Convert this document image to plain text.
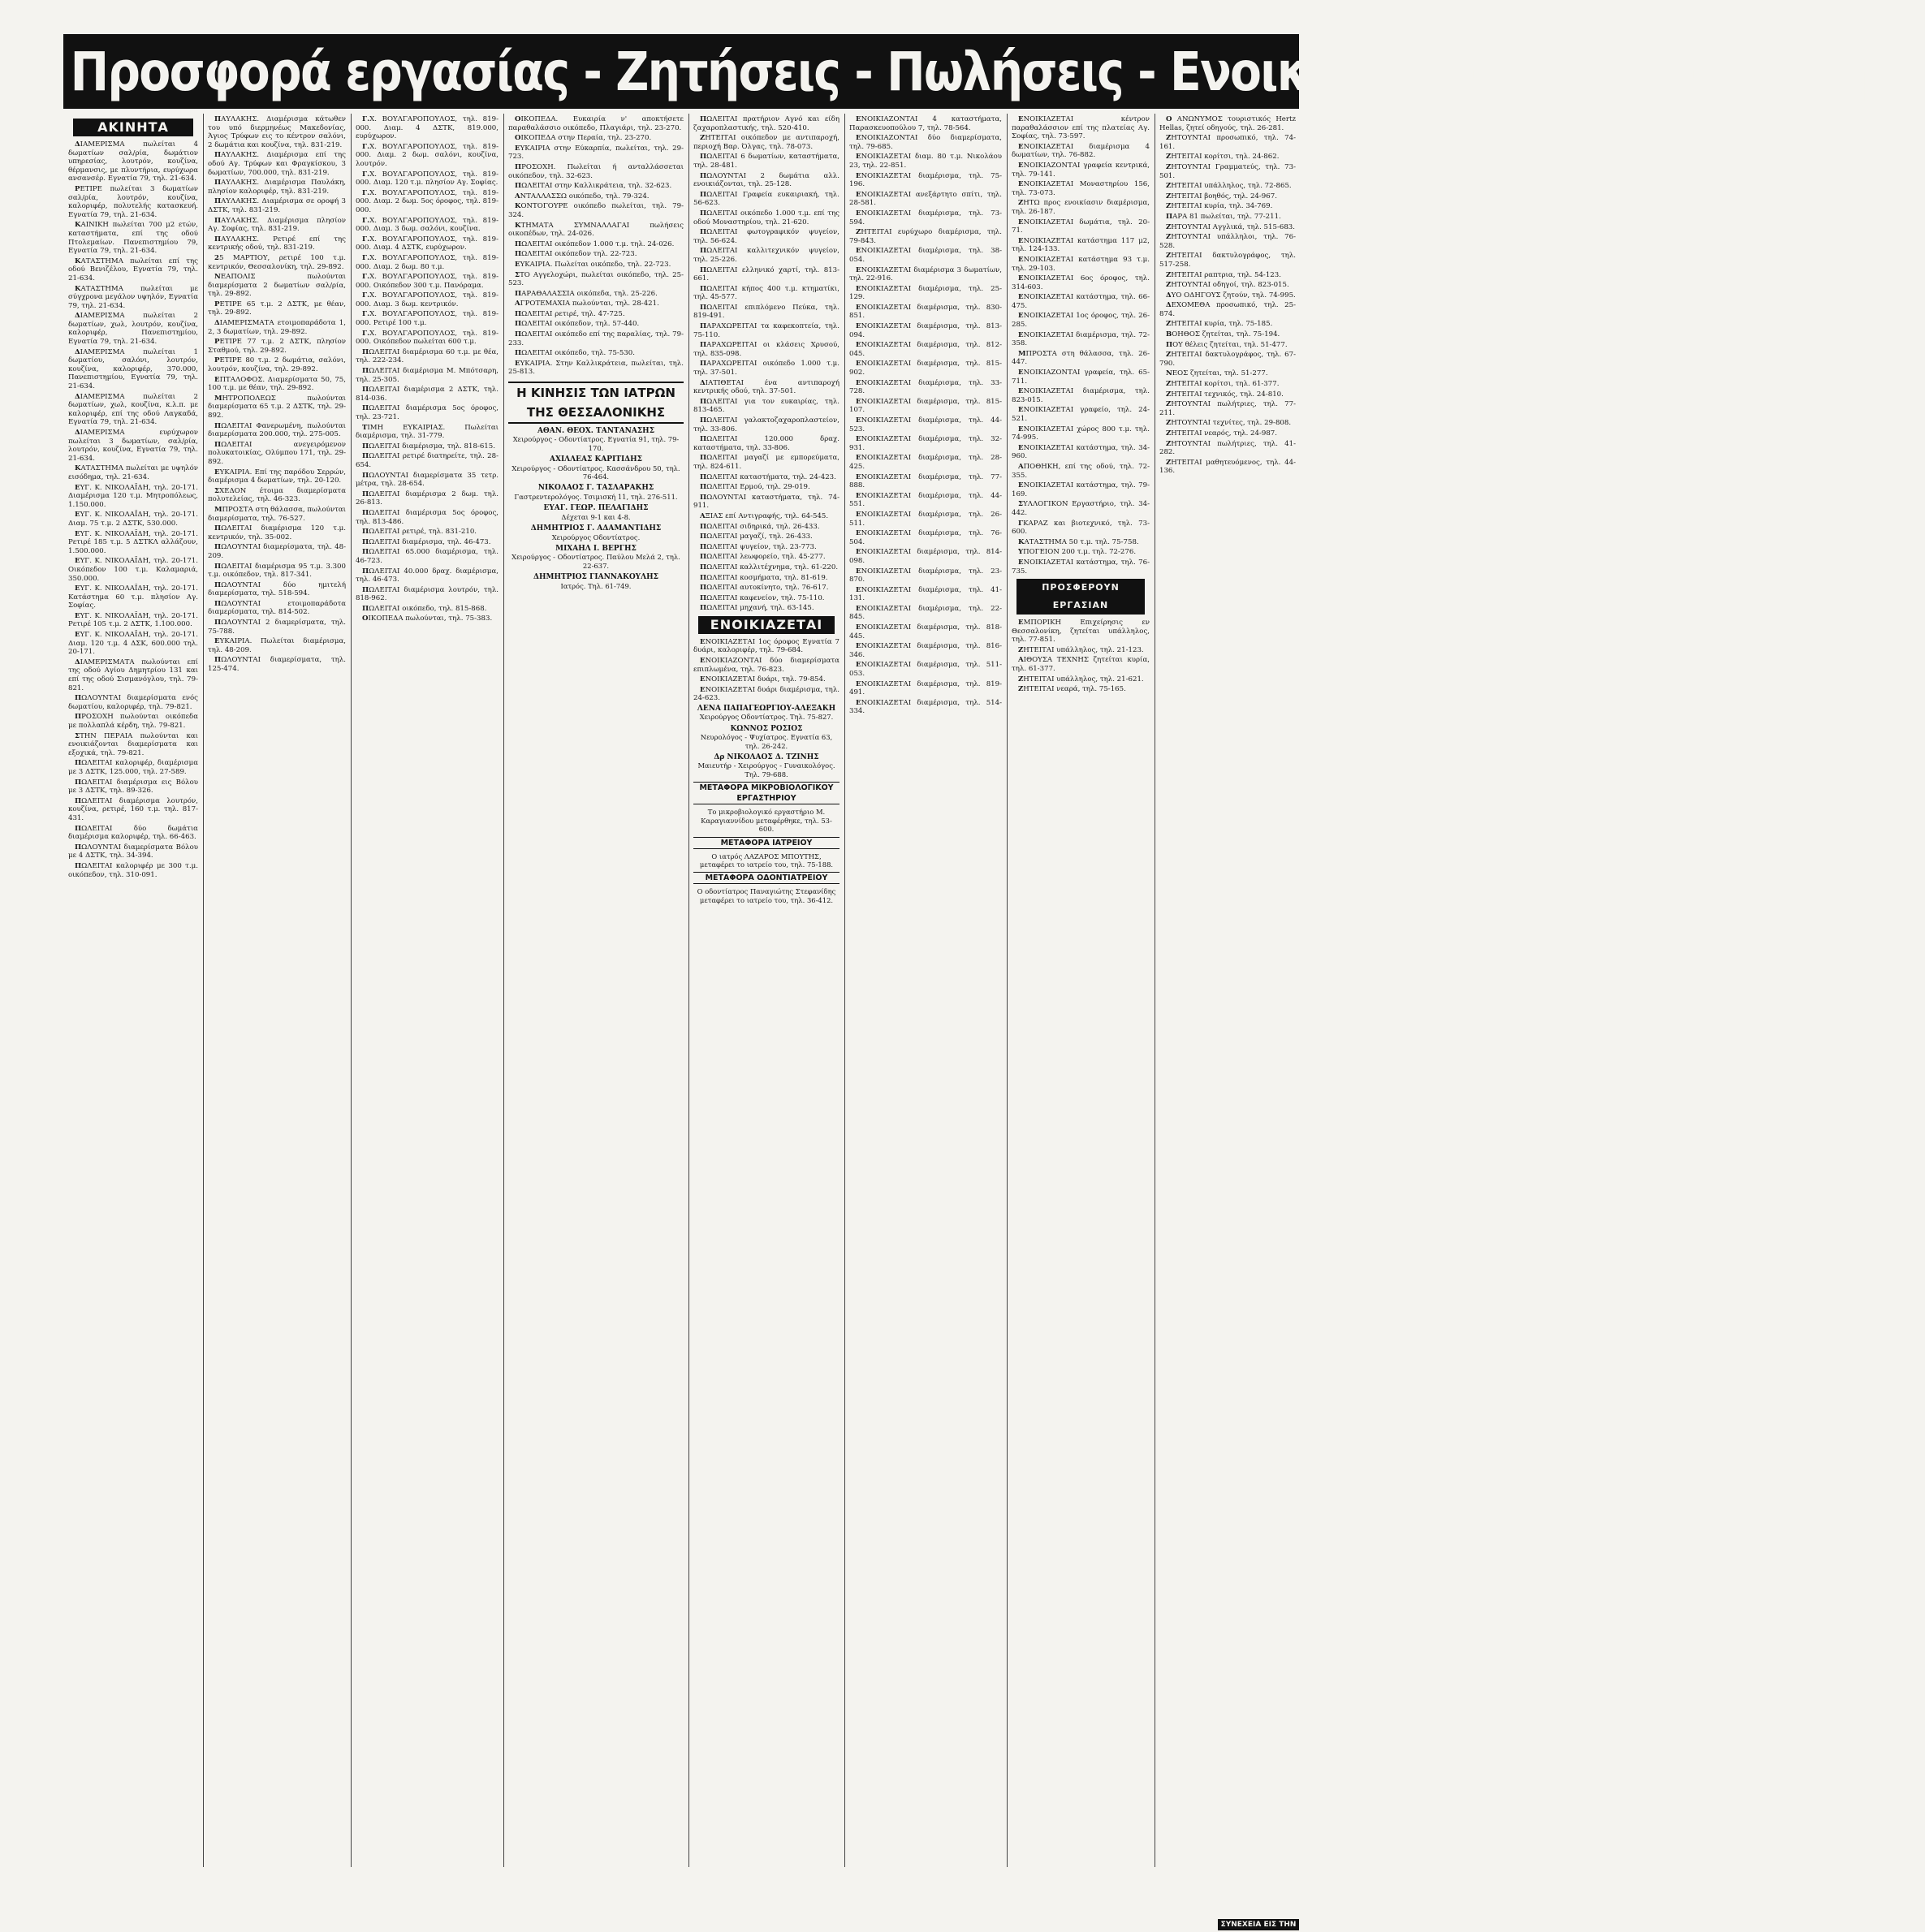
Προσφορά εργασίας - Ζητήσεις - Πωλήσεις - Ενοικιάσεις - Αγοραί - Ακίνητα
ΑΚΙΝΗΤΑ

ΔΙΑΜΕΡΙΣΜΑ πωλείται 4 δωματίων σαλ/ρία, δωμάτιον υπηρεσίας, λουτρόν, κουζίνα, θέρμανσις, με πλυντήρια, ευρύχωρα ανσανσέρ. Εγνατία 79, τηλ. 21-634.

ΡΕΤΙΡΕ πωλείται 3 δωματίων σαλ/ρία, λουτρόν, κουζίνα, καλοριφέρ, πολυτελής κατασκευή. Εγνατία 79, τηλ. 21-634.

ΚΑΙΝΙΚΗ πωλείται 700 μ2 ετών, καταστήματα, επί της οδού Πτολεμαίων. Πανεπιστημίου 79, Εγνατία 79, τηλ. 21-634.

ΚΑΤΑΣΤΗΜΑ πωλείται επί της οδού Βενιζέλου, Εγνατία 79, τηλ. 21-634.

ΚΑΤΑΣΤΗΜΑ πωλείται με σύγχρονα μεγάλον υψηλόν, Εγνατία 79, τηλ. 21-634.

ΔΙΑΜΕΡΙΣΜΑ πωλείται 2 δωματίων, χωλ, λουτρόν, κουζίνα, καλοριφέρ, Πανεπιστημίου, Εγνατία 79, τηλ. 21-634.

ΔΙΑΜΕΡΙΣΜΑ πωλείται 1 δωματίου, σαλόνι, λουτρόν, κουζίνα, καλοριφέρ, 370.000, Πανεπιστημίου, Εγνατία 79, τηλ. 21-634.

ΔΙΑΜΕΡΙΣΜΑ πωλείται 2 δωματίων, χωλ, κουζίνα, κ.λ.π. με καλοριφέρ, επί της οδού Λαγκαδά, Εγνατία 79, τηλ. 21-634.

ΔΙΑΜΕΡΙΣΜΑ ευρύχωρον πωλείται 3 δωματίων, σαλ/ρία, λουτρόν, κουζίνα, Εγνατία 79, τηλ. 21-634.

ΚΑΤΑΣΤΗΜΑ πωλείται με υψηλόν εισόδημα, τηλ. 21-634.

ΕΥΓ. Κ. ΝΙΚΟΛΑΪΔΗ, τηλ. 20-171. Διαμέρισμα 120 τ.μ. Μητροπόλεως, 1.150.000.

ΕΥΓ. Κ. ΝΙΚΟΛΑΪΔΗ, τηλ. 20-171. Διαμ. 75 τ.μ. 2 ΔΣΤΚ, 530.000.

ΕΥΓ. Κ. ΝΙΚΟΛΑΪΔΗ, τηλ. 20-171. Ρετιρέ 185 τ.μ. 5 ΔΣΤΚΛ αλλάζουν, 1.500.000.

ΕΥΓ. Κ. ΝΙΚΟΛΑΪΔΗ, τηλ. 20-171. Οικόπεδον 100 τ.μ. Καλαμαριά, 350.000.

ΕΥΓ. Κ. ΝΙΚΟΛΑΪΔΗ, τηλ. 20-171. Κατάστημα 60 τ.μ. πλησίον Αγ. Σοφίας.

ΕΥΓ. Κ. ΝΙΚΟΛΑΪΔΗ, τηλ. 20-171. Ρετιρέ 105 τ.μ. 2 ΔΣΤΚ, 1.100.000.

ΕΥΓ. Κ. ΝΙΚΟΛΑΪΔΗ, τηλ. 20-171. Διαμ. 120 τ.μ. 4 ΔΣΚ, 600.000 τηλ. 20-171.

ΔΙΑΜΕΡΙΣΜΑΤΑ πωλούνται επί της οδού Αγίου Δημητρίου 131 και επί της οδού Σισμανόγλου, τηλ. 79-821.

ΠΩΛΟΥΝΤΑΙ διαμερίσματα ενός δωματίου, καλοριφέρ, τηλ. 79-821.

ΠΡΟΣΟΧΗ πωλούνται οικόπεδα με πολλαπλά κέρδη, τηλ. 79-821.

ΣΤΗΝ ΠΕΡΑΙΑ πωλούνται και ενοικιάζονται διαμερίσματα και εξοχικά, τηλ. 79-821.

ΠΩΛΕΙΤΑΙ καλοριφέρ, διαμέρισμα με 3 ΔΣΤΚ, 125.000, τηλ. 27-589.

ΠΩΛΕΙΤΑΙ διαμέρισμα εις Βόλου με 3 ΔΣΤΚ, τηλ. 89-326.

ΠΩΛΕΙΤΑΙ διαμέρισμα λουτρόν, κουζίνα, ρετιρέ, 160 τ.μ. τηλ. 817-431.

ΠΩΛΕΙΤΑΙ δύο δωμάτια διαμέρισμα καλοριφέρ, τηλ. 66-463.

ΠΩΛΟΥΝΤΑΙ διαμερίσματα Βόλου με 4 ΔΣΤΚ, τηλ. 34-394.

ΠΩΛΕΙΤΑΙ καλοριφέρ με 300 τ.μ. οικόπεδον, τηλ. 310-091.

ΠΑΥΛΑΚΗΣ. Διαμέρισμα κάτωθεν του υπό διερμηνέως Μακεδονίας, Άγιος Τρύφων εις το κέντρον σαλόνι, 2 δωμάτια και κουζίνα, τηλ. 831-219.

ΠΑΥΛΑΚΗΣ. Διαμέρισμα επί της οδού Αγ. Τρύφων και Φραγκίσκου, 3 δωματίων, 700.000, τηλ. 831-219.

ΠΑΥΛΑΚΗΣ. Διαμέρισμα Παυλάκη, πλησίον καλοριφέρ, τηλ. 831-219.

ΠΑΥΛΑΚΗΣ. Διαμέρισμα σε οροφή 3 ΔΣΤΚ, τηλ. 831-219.

ΠΑΥΛΑΚΗΣ. Διαμέρισμα πλησίον Αγ. Σοφίας, τηλ. 831-219.

ΠΑΥΛΑΚΗΣ. Ρετιρέ επί της κεντρικής οδού, τηλ. 831-219.

25 ΜΑΡΤΙΟΥ, ρετιρέ 100 τ.μ. κεντρικόν, Θεσσαλονίκη, τηλ. 29-892.

ΝΕΑΠΟΛΙΣ πωλούνται διαμερίσματα 2 δωματίων σαλ/ρία, τηλ. 29-892.

ΡΕΤΙΡΕ 65 τ.μ. 2 ΔΣΤΚ, με θέαν, τηλ. 29-892.

ΔΙΑΜΕΡΙΣΜΑΤΑ ετοιμοπαράδοτα 1, 2, 3 δωματίων, τηλ. 29-892.

ΡΕΤΙΡΕ 77 τ.μ. 2 ΔΣΤΚ, πλησίον Σταθμού, τηλ. 29-892.

ΡΕΤΙΡΕ 80 τ.μ. 2 δωμάτια, σαλόνι, λουτρόν, κουζίνα, τηλ. 29-892.

ΕΠΤΑΛΟΦΟΣ. Διαμερίσματα 50, 75, 100 τ.μ. με θέαν, τηλ. 29-892.

ΜΗΤΡΟΠΟΛΕΩΣ πωλούνται διαμερίσματα 65 τ.μ. 2 ΔΣΤΚ, τηλ. 29-892.

ΠΩΛΕΙΤΑΙ Φανερωμένη, πωλούνται διαμερίσματα 200.000, τηλ. 275-005.

ΠΩΛΕΙΤΑΙ ανεγειρόμενον πολυκατοικίας, Ολύμπου 171, τηλ. 29-892.

ΕΥΚΑΙΡΙΑ. Επί της παρόδου Σερρών, διαμέρισμα 4 δωματίων, τηλ. 20-120.

ΣΧΕΔΟΝ έτοιμα διαμερίσματα πολυτελείας, τηλ. 46-323.

ΜΠΡΟΣΤΑ στη θάλασσα, πωλούνται διαμερίσματα, τηλ. 76-527.

ΠΩΛΕΙΤΑΙ διαμέρισμα 120 τ.μ. κεντρικόν, τηλ. 35-002.

ΠΩΛΟΥΝΤΑΙ διαμερίσματα, τηλ. 48-209.

ΠΩΛΕΙΤΑΙ διαμέρισμα 95 τ.μ. 3.300 τ.μ. οικόπεδον, τηλ. 817-341.

ΠΩΛΟΥΝΤΑΙ δύο ημιτελή διαμερίσματα, τηλ. 518-594.

ΠΩΛΟΥΝΤΑΙ ετοιμοπαράδοτα διαμερίσματα, τηλ. 814-502.

ΠΩΛΟΥΝΤΑΙ 2 διαμερίσματα, τηλ. 75-788.

ΕΥΚΑΙΡΙΑ. Πωλείται διαμέρισμα, τηλ. 48-209.

ΠΩΛΟΥΝΤΑΙ διαμερίσματα, τηλ. 125-474.

Γ.Χ. ΒΟΥΛΓΑΡΟΠΟΥΛΟΣ, τηλ. 819-000. Διαμ. 4 ΔΣΤΚ, 819.000, ευρύχωρον.

Γ.Χ. ΒΟΥΛΓΑΡΟΠΟΥΛΟΣ, τηλ. 819-000. Διαμ. 2 δωμ. σαλόνι, κουζίνα, λουτρόν.

Γ.Χ. ΒΟΥΛΓΑΡΟΠΟΥΛΟΣ, τηλ. 819-000. Διαμ. 120 τ.μ. πλησίον Αγ. Σοφίας.

Γ.Χ. ΒΟΥΛΓΑΡΟΠΟΥΛΟΣ, τηλ. 819-000. Διαμ. 2 δωμ. 5ος όροφος, τηλ. 819-000.

Γ.Χ. ΒΟΥΛΓΑΡΟΠΟΥΛΟΣ, τηλ. 819-000. Διαμ. 3 δωμ. σαλόνι, κουζίνα.

Γ.Χ. ΒΟΥΛΓΑΡΟΠΟΥΛΟΣ, τηλ. 819-000. Διαμ. 4 ΔΣΤΚ, ευρύχωρον.

Γ.Χ. ΒΟΥΛΓΑΡΟΠΟΥΛΟΣ, τηλ. 819-000. Διαμ. 2 δωμ. 80 τ.μ.

Γ.Χ. ΒΟΥΛΓΑΡΟΠΟΥΛΟΣ, τηλ. 819-000. Οικόπεδον 300 τ.μ. Πανόραμα.

Γ.Χ. ΒΟΥΛΓΑΡΟΠΟΥΛΟΣ, τηλ. 819-000. Διαμ. 3 δωμ. κεντρικόν.

Γ.Χ. ΒΟΥΛΓΑΡΟΠΟΥΛΟΣ, τηλ. 819-000. Ρετιρέ 100 τ.μ.

Γ.Χ. ΒΟΥΛΓΑΡΟΠΟΥΛΟΣ, τηλ. 819-000. Οικόπεδον πωλείται 600 τ.μ.

ΠΩΛΕΙΤΑΙ διαμέρισμα 60 τ.μ. με θέα, τηλ. 222-234.

ΠΩΛΕΙΤΑΙ διαμέρισμα Μ. Μπότσαρη, τηλ. 25-305.

ΠΩΛΕΙΤΑΙ διαμέρισμα 2 ΔΣΤΚ, τηλ. 814-036.

ΠΩΛΕΙΤΑΙ διαμέρισμα 5ος όροφος, τηλ. 23-721.

ΤΙΜΗ ΕΥΚΑΙΡΙΑΣ. Πωλείται διαμέρισμα, τηλ. 31-779.

ΠΩΛΕΙΤΑΙ διαμέρισμα, τηλ. 818-615.

ΠΩΛΕΙΤΑΙ ρετιρέ διατηρείτε, τηλ. 28-654.

ΠΩΛΟΥΝΤΑΙ διαμερίσματα 35 τετρ. μέτρα, τηλ. 28-654.

ΠΩΛΕΙΤΑΙ διαμέρισμα 2 δωμ. τηλ. 26-813.

ΠΩΛΕΙΤΑΙ διαμέρισμα 5ος όροφος, τηλ. 813-486.

ΠΩΛΕΙΤΑΙ ρετιρέ, τηλ. 831-210.

ΠΩΛΕΙΤΑΙ διαμέρισμα, τηλ. 46-473.

ΠΩΛΕΙΤΑΙ 65.000 διαμέρισμα, τηλ. 46-723.

ΠΩΛΕΙΤΑΙ 40.000 δραχ. διαμέρισμα, τηλ. 46-473.

ΠΩΛΕΙΤΑΙ διαμέρισμα λουτρόν, τηλ. 818-962.

ΠΩΛΕΙΤΑΙ οικόπεδο, τηλ. 815-868.

ΟΙΚΟΠΕΔΑ πωλούνται, τηλ. 75-383.

ΟΙΚΟΠΕΔΑ. Ευκαιρία ν' αποκτήσετε παραθαλάσσιο οικόπεδο, Πλαγιάρι, τηλ. 23-270.

ΟΙΚΟΠΕΔΑ στην Περαία, τηλ. 23-270.

ΕΥΚΑΙΡΙΑ στην Εύκαρπία, πωλείται, τηλ. 29-723.

ΠΡΟΣΟΧΗ. Πωλείται ή ανταλλάσσεται οικόπεδον, τηλ. 32-623.

ΠΩΛΕΙΤΑΙ στην Καλλικράτεια, τηλ. 32-623.

ΑΝΤΑΛΛΑΣΣΩ οικόπεδο, τηλ. 79-324.

ΚΟΝΤΟΓΟΥΡΕ οικόπεδο πωλείται, τηλ. 79-324.

ΚΤΗΜΑΤΑ ΣΥΜΝΑΛΛΑΓΑΙ πωλήσεις οικοπέδων, τηλ. 24-026.

ΠΩΛΕΙΤΑΙ οικόπεδον 1.000 τ.μ. τηλ. 24-026.

ΠΩΛΕΙΤΑΙ οικόπεδον τηλ. 22-723.

ΕΥΚΑΙΡΙΑ. Πωλείται οικόπεδο, τηλ. 22-723.

ΣΤΟ Αγγελοχώρι, πωλείται οικόπεδο, τηλ. 25-523.

ΠΑΡΑΘΑΛΑΣΣΙΑ οικόπεδα, τηλ. 25-226.

ΑΓΡΟΤΕΜΑΧΙΑ πωλούνται, τηλ. 28-421.

ΠΩΛΕΙΤΑΙ ρετιρέ, τηλ. 47-725.

ΠΩΛΕΙΤΑΙ οικόπεδον, τηλ. 57-440.

ΠΩΛΕΙΤΑΙ οικόπεδο επί της παραλίας, τηλ. 79-233.

ΠΩΛΕΙΤΑΙ οικόπεδο, τηλ. 75-530.

ΕΥΚΑΙΡΙΑ. Στην Καλλικράτεια, πωλείται, τηλ. 25-813.

Η ΚΙΝΗΣΙΣ ΤΩΝ ΙΑΤΡΩΝ ΤΗΣ ΘΕΣΣΑΛΟΝΙΚΗΣ
ΑΘΑΝ. ΘΕΟΧ. ΤΑΝΤΑΝΑΣΗΣ
Χειρούργος - Οδοντίατρος. Εγνατία 91, τηλ. 79-170.
ΑΧΙΛΛΕΑΣ ΚΑΡΙΤΙΔΗΣ
Χειρούργος - Οδοντίατρος. Κασσάνδρου 50, τηλ. 76-464.
ΝΙΚΟΛΑΟΣ Γ. ΤΑΣΛΑΡΑΚΗΣ
Γαστρεντερολόγος. Τσιμισκή 11, τηλ. 276-511.
ΕΥΑΓ. ΓΕΩΡ. ΠΕΛΑΓΙΔΗΣ
Δέχεται 9-1 και 4-8.
ΔΗΜΗΤΡΙΟΣ Γ. ΑΔΑΜΑΝΤΙΔΗΣ
Χειρούργος Οδοντίατρος.
ΜΙΧΑΗΛ Ι. ΒΕΡΓΗΣ
Χειρούργος - Οδοντίατρος. Παύλου Μελά 2, τηλ. 22-637.
ΔΗΜΗΤΡΙΟΣ ΓΙΑΝΝΑΚΟΥΛΗΣ
Ιατρός. Τηλ. 61-749.

ΠΩΛΕΙΤΑΙ πρατήριον Αγνό και είδη ζαχαροπλαστικής, τηλ. 520-410.

ΖΗΤΕΙΤΑΙ οικόπεδον με αντιπαροχή, περιοχή Βαρ. Όλγας, τηλ. 78-073.

ΠΩΛΕΙΤΑΙ 6 δωματίων, καταστήματα, τηλ. 28-481.

ΠΩΛΟΥΝΤΑΙ 2 δωμάτια αλλ. ενοικιάζονται, τηλ. 25-128.

ΠΩΛΕΙΤΑΙ Γραφεία ευκαιριακή, τηλ. 56-623.

ΠΩΛΕΙΤΑΙ οικόπεδο 1.000 τ.μ. επί της οδού Μοναστηρίου, τηλ. 21-620.

ΠΩΛΕΙΤΑΙ φωτογραφικόν ψυγείον, τηλ. 56-624.

ΠΩΛΕΙΤΑΙ καλλιτεχνικόν ψυγείον, τηλ. 25-226.

ΠΩΛΕΙΤΑΙ ελληνικό χαρτί, τηλ. 813-661.

ΠΩΛΕΙΤΑΙ κήπος 400 τ.μ. κτηματίκι, τηλ. 45-577.

ΠΩΛΕΙΤΑΙ επιπλόμενο Πεύκα, τηλ. 819-491.

ΠΑΡΑΧΩΡΕΙΤΑΙ τα καφεκοπτεία, τηλ. 75-110.

ΠΑΡΑΧΩΡΕΙΤΑΙ οι κλάσεις Χρυσού, τηλ. 835-098.

ΠΑΡΑΧΩΡΕΙΤΑΙ οικόπεδο 1.000 τ.μ. τηλ. 37-501.

ΔΙΑΤΙΘΕΤΑΙ ένα αντιπαροχή κεντρικής οδού, τηλ. 37-501.

ΠΩΛΕΙΤΑΙ για τον ευκαιρίας, τηλ. 813-465.

ΠΩΛΕΙΤΑΙ γαλακτοζαχαροπλαστείον, τηλ. 33-806.

ΠΩΛΕΙΤΑΙ 120.000 δραχ. καταστήματα, τηλ. 33-806.

ΠΩΛΕΙΤΑΙ μαγαζί με εμπορεύματα, τηλ. 824-611.

ΠΩΛΕΙΤΑΙ καταστήματα, τηλ. 24-423.

ΠΩΛΕΙΤΑΙ Ερμού, τηλ. 29-019.

ΠΩΛΟΥΝΤΑΙ καταστήματα, τηλ. 74-911.

ΑΞΙΑΣ επί Αντιγραφής, τηλ. 64-545.

ΠΩΛΕΙΤΑΙ σιδηρικά, τηλ. 26-433.

ΠΩΛΕΙΤΑΙ μαγαζί, τηλ. 26-433.

ΠΩΛΕΙΤΑΙ ψυγείον, τηλ. 23-773.

ΠΩΛΕΙΤΑΙ λεωφορείο, τηλ. 45-277.

ΠΩΛΕΙΤΑΙ καλλιτέχνημα, τηλ. 61-220.

ΠΩΛΕΙΤΑΙ κοσμήματα, τηλ. 81-619.

ΠΩΛΕΙΤΑΙ αυτοκίνητο, τηλ. 76-617.

ΠΩΛΕΙΤΑΙ καφενείον, τηλ. 75-110.

ΠΩΛΕΙΤΑΙ μηχανή, τηλ. 63-145.

ΕΝΟΙΚΙΑΖΕΤΑΙ

ΕΝΟΙΚΙΑΖΕΤΑΙ 1ος όροφος Εγνατία 7 δυάρι, καλοριφέρ, τηλ. 79-684.

ΕΝΟΙΚΙΑΖΟΝΤΑΙ δύο διαμερίσματα επιπλωμένα, τηλ. 76-823.

ΕΝΟΙΚΙΑΖΕΤΑΙ δυάρι, τηλ. 79-854.

ΕΝΟΙΚΙΑΖΕΤΑΙ δυάρι διαμέρισμα, τηλ. 24-623.

ΛΕΝΑ ΠΑΠΑΓΕΩΡΓΙΟΥ-ΑΛΕΞΑΚΗ
Χειρούργος Οδοντίατρος. Τηλ. 75-827.
ΚΩΝΝΟΣ ΡΟΣΙΟΣ
Νευρολόγος - Ψυχίατρος. Εγνατία 63, τηλ. 26-242.
Δρ ΝΙΚΟΛΑΟΣ Δ. ΤΖΙΝΗΣ
Μαιευτήρ - Χειρούργος - Γυναικολόγος. Τηλ. 79-688.
ΜΕΤΑΦΟΡΑ ΜΙΚΡΟΒΙΟΛΟΓΙΚΟΥ ΕΡΓΑΣΤΗΡΙΟΥ
Το μικροβιολογικό εργαστήριο Μ. Καραγιαννίδου μεταφέρθηκε, τηλ. 53-600.
ΜΕΤΑΦΟΡΑ ΙΑΤΡΕΙΟΥ
Ο ιατρός ΛΑΖΑΡΟΣ ΜΠΟΥΤΗΣ, μεταφέρει το ιατρείο του, τηλ. 75-188.
ΜΕΤΑΦΟΡΑ ΟΔΟΝΤΙΑΤΡΕΙΟΥ
Ο οδοντίατρος Παναγιώτης Στεφανίδης μεταφέρει το ιατρείο του, τηλ. 36-412.

ΕΝΟΙΚΙΑΖΟΝΤΑΙ 4 καταστήματα, Παρασκευοπούλου 7, τηλ. 78-564.

ΕΝΟΙΚΙΑΖΟΝΤΑΙ δύο διαμερίσματα, τηλ. 79-685.

ΕΝΟΙΚΙΑΖΕΤΑΙ διαμ. 80 τ.μ. Νικολάου 23, τηλ. 22-851.

ΕΝΟΙΚΙΑΖΕΤΑΙ διαμέρισμα, τηλ. 75-196.

ΕΝΟΙΚΙΑΖΕΤΑΙ ανεξάρτητο σπίτι, τηλ. 28-581.

ΕΝΟΙΚΙΑΖΕΤΑΙ διαμέρισμα, τηλ. 73-594.

ΖΗΤΕΙΤΑΙ ευρύχωρο διαμέρισμα, τηλ. 79-843.

ΕΝΟΙΚΙΑΖΕΤΑΙ διαμέρισμα, τηλ. 38-054.

ΕΝΟΙΚΙΑΖΕΤΑΙ διαμέρισμα 3 δωματίων, τηλ. 22-916.

ΕΝΟΙΚΙΑΖΕΤΑΙ διαμέρισμα, τηλ. 25-129.

ΕΝΟΙΚΙΑΖΕΤΑΙ διαμέρισμα, τηλ. 830-851.

ΕΝΟΙΚΙΑΖΕΤΑΙ διαμέρισμα, τηλ. 813-094.

ΕΝΟΙΚΙΑΖΕΤΑΙ διαμέρισμα, τηλ. 812-045.

ΕΝΟΙΚΙΑΖΕΤΑΙ διαμέρισμα, τηλ. 815-902.

ΕΝΟΙΚΙΑΖΕΤΑΙ διαμέρισμα, τηλ. 33-728.

ΕΝΟΙΚΙΑΖΕΤΑΙ διαμέρισμα, τηλ. 815-107.

ΕΝΟΙΚΙΑΖΕΤΑΙ διαμέρισμα, τηλ. 44-523.

ΕΝΟΙΚΙΑΖΕΤΑΙ διαμέρισμα, τηλ. 32-931.

ΕΝΟΙΚΙΑΖΕΤΑΙ διαμέρισμα, τηλ. 28-425.

ΕΝΟΙΚΙΑΖΕΤΑΙ διαμέρισμα, τηλ. 77-888.

ΕΝΟΙΚΙΑΖΕΤΑΙ διαμέρισμα, τηλ. 44-551.

ΕΝΟΙΚΙΑΖΕΤΑΙ διαμέρισμα, τηλ. 26-511.

ΕΝΟΙΚΙΑΖΕΤΑΙ διαμέρισμα, τηλ. 76-504.

ΕΝΟΙΚΙΑΖΕΤΑΙ διαμέρισμα, τηλ. 814-098.

ΕΝΟΙΚΙΑΖΕΤΑΙ διαμέρισμα, τηλ. 23-870.

ΕΝΟΙΚΙΑΖΕΤΑΙ διαμέρισμα, τηλ. 41-131.

ΕΝΟΙΚΙΑΖΕΤΑΙ διαμέρισμα, τηλ. 22-845.

ΕΝΟΙΚΙΑΖΕΤΑΙ διαμέρισμα, τηλ. 818-445.

ΕΝΟΙΚΙΑΖΕΤΑΙ διαμέρισμα, τηλ. 816-346.

ΕΝΟΙΚΙΑΖΕΤΑΙ διαμέρισμα, τηλ. 511-053.

ΕΝΟΙΚΙΑΖΕΤΑΙ διαμέρισμα, τηλ. 819-491.

ΕΝΟΙΚΙΑΖΕΤΑΙ διαμέρισμα, τηλ. 514-334.

ΕΝΟΙΚΙΑΖΕΤΑΙ κέντρον παραθαλάσσιον επί της πλατείας Αγ. Σοφίας, τηλ. 73-597.

ΕΝΟΙΚΙΑΖΕΤΑΙ διαμέρισμα 4 δωματίων, τηλ. 76-882.

ΕΝΟΙΚΙΑΖΟΝΤΑΙ γραφεία κεντρικά, τηλ. 79-141.

ΕΝΟΙΚΙΑΖΕΤΑΙ Μοναστηρίου 156, τηλ. 73-073.

ΖΗΤΩ προς ενοικίασιν διαμέρισμα, τηλ. 26-187.

ΕΝΟΙΚΙΑΖΕΤΑΙ δωμάτια, τηλ. 20-71.

ΕΝΟΙΚΙΑΖΕΤΑΙ κατάστημα 117 μ2, τηλ. 124-133.

ΕΝΟΙΚΙΑΖΕΤΑΙ κατάστημα 93 τ.μ. τηλ. 29-103.

ΕΝΟΙΚΙΑΖΕΤΑΙ 6ος όροφος, τηλ. 314-603.

ΕΝΟΙΚΙΑΖΕΤΑΙ κατάστημα, τηλ. 66-475.

ΕΝΟΙΚΙΑΖΕΤΑΙ 1ος όροφος, τηλ. 26-285.

ΕΝΟΙΚΙΑΖΕΤΑΙ διαμέρισμα, τηλ. 72-358.

ΜΠΡΟΣΤΑ στη θάλασσα, τηλ. 26-447.

ΕΝΟΙΚΙΑΖΟΝΤΑΙ γραφεία, τηλ. 65-711.

ΕΝΟΙΚΙΑΖΕΤΑΙ διαμέρισμα, τηλ. 823-015.

ΕΝΟΙΚΙΑΖΕΤΑΙ γραφείο, τηλ. 24-521.

ΕΝΟΙΚΙΑΖΕΤΑΙ χώρος 800 τ.μ. τηλ. 74-995.

ΕΝΟΙΚΙΑΖΕΤΑΙ κατάστημα, τηλ. 34-960.

ΑΠΟΘΗΚΗ, επί της οδού, τηλ. 72-355.

ΕΝΟΙΚΙΑΖΕΤΑΙ κατάστημα, τηλ. 79-169.

ΣΥΛΛΟΓΙΚΟΝ Εργαστήριο, τηλ. 34-442.

ΓΚΑΡΑΖ και βιοτεχνικό, τηλ. 73-600.

ΚΑΤΑΣΤΗΜΑ 50 τ.μ. τηλ. 75-758.

ΥΠΟΓΕΙΟΝ 200 τ.μ. τηλ. 72-276.

ΕΝΟΙΚΙΑΖΕΤΑΙ κατάστημα, τηλ. 76-735.

ΠΡΟΣΦΕΡΟΥΝ ΕΡΓΑΣΙΑΝ

ΕΜΠΟΡΙΚΗ Επιχείρησις εν Θεσσαλονίκη, ζητείται υπάλληλος, τηλ. 77-851.

ΖΗΤΕΙΤΑΙ υπάλληλος, τηλ. 21-123.

ΑΙΘΟΥΣΑ ΤΕΧΝΗΣ ζητείται κυρία, τηλ. 61-377.

ΖΗΤΕΙΤΑΙ υπάλληλος, τηλ. 21-621.

ΖΗΤΕΙΤΑΙ νεαρά, τηλ. 75-165.

Ο ΑΝΩΝΥΜΟΣ τουριστικός Hertz Hellas, ζητεί οδηγούς, τηλ. 26-281.

ΖΗΤΟΥΝΤΑΙ προσωπικό, τηλ. 74-161.

ΖΗΤΕΙΤΑΙ κορίτσι, τηλ. 24-862.

ΖΗΤΟΥΝΤΑΙ Γραμματεύς, τηλ. 73-501.

ΖΗΤΕΙΤΑΙ υπάλληλος, τηλ. 72-865.

ΖΗΤΕΙΤΑΙ βοηθός, τηλ. 24-967.

ΖΗΤΕΙΤΑΙ κυρία, τηλ. 34-769.

ΠΑΡΑ 81 πωλείται, τηλ. 77-211.

ΖΗΤΟΥΝΤΑΙ Αγγλικά, τηλ. 515-683.

ΖΗΤΟΥΝΤΑΙ υπάλληλοι, τηλ. 76-528.

ΖΗΤΕΙΤΑΙ δακτυλογράφος, τηλ. 517-258.

ΖΗΤΕΙΤΑΙ ραπτρια, τηλ. 54-123.

ΖΗΤΟΥΝΤΑΙ οδηγοί, τηλ. 823-015.

ΔΥΟ ΟΔΗΓΟΥΣ ζητούν, τηλ. 74-995.

ΔΕΧΟΜΕΘΑ προσωπικό, τηλ. 25-874.

ΖΗΤΕΙΤΑΙ κυρία, τηλ. 75-185.

ΒΟΗΘΟΣ ζητείται, τηλ. 75-194.

ΠΟΥ θέλεις ζητείται, τηλ. 51-477.

ΖΗΤΕΙΤΑΙ δακτυλογράφος, τηλ. 67-790.

ΝΕΟΣ ζητείται, τηλ. 51-277.

ΖΗΤΕΙΤΑΙ κορίτσι, τηλ. 61-377.

ΖΗΤΕΙΤΑΙ τεχνικός, τηλ. 24-810.

ΖΗΤΟΥΝΤΑΙ πωλήτριες, τηλ. 77-211.

ΖΗΤΟΥΝΤΑΙ τεχνίτες, τηλ. 29-808.

ΖΗΤΕΙΤΑΙ νεαρός, τηλ. 24-987.

ΖΗΤΟΥΝΤΑΙ πωλήτριες, τηλ. 41-282.

ΖΗΤΕΙΤΑΙ μαθητευόμενος, τηλ. 44-136.

ΣΥΝΕΧΕΙΑ ΕΙΣ ΤΗΝ
